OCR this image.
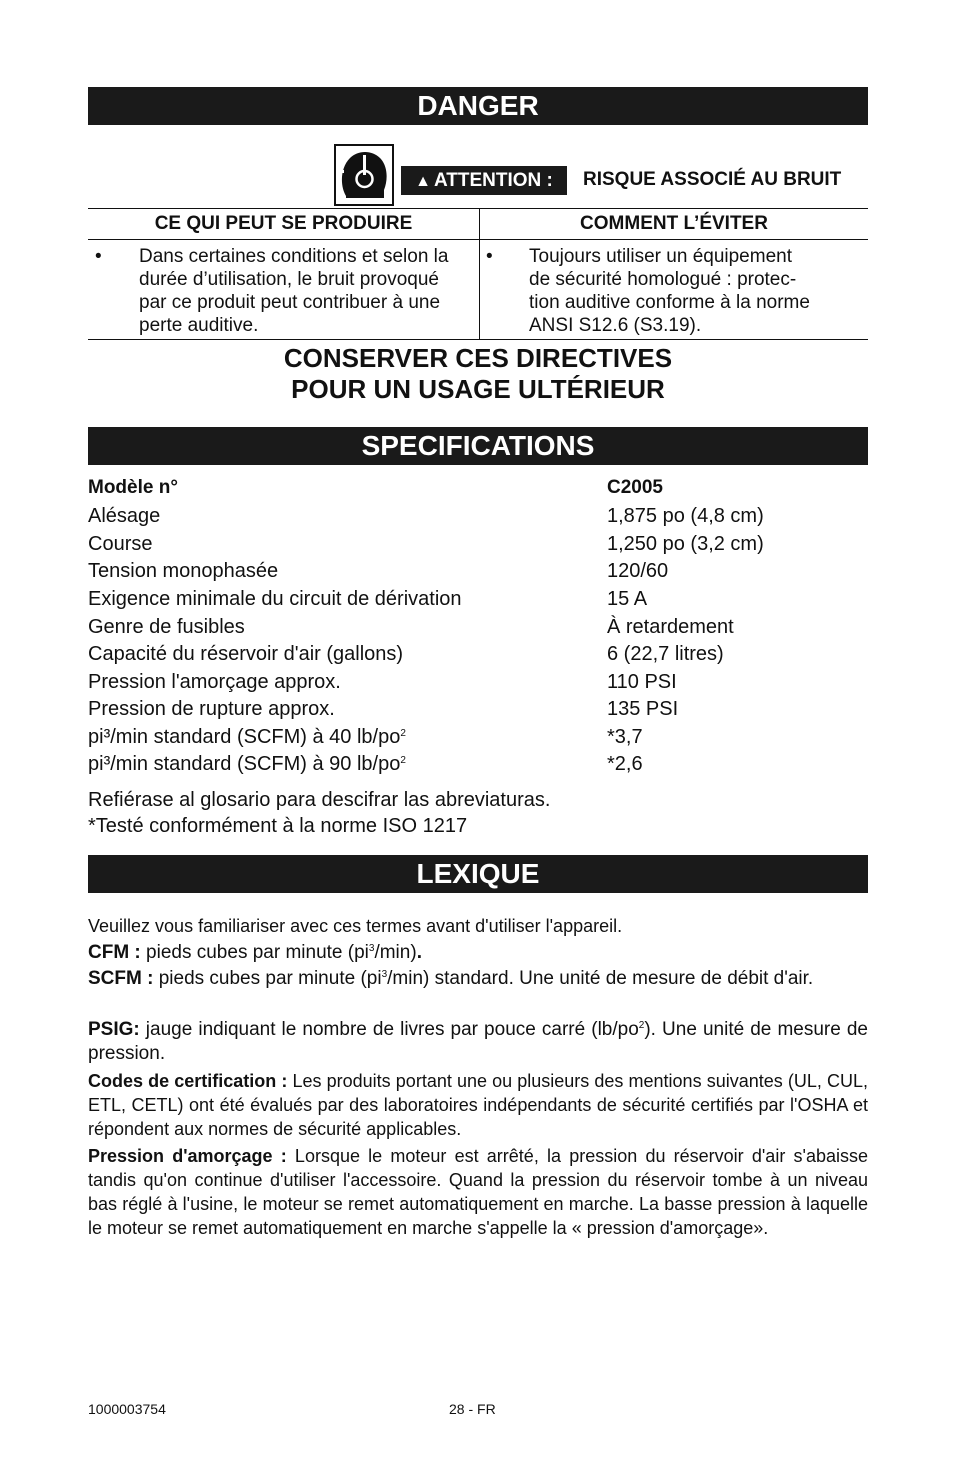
DANGER
▲ ATTENTION :	RISQUE ASSOCIÉ AU BRUIT
CE QUI PEUT SE PRODUIRE	COMMENT L’ÉVITER
• Dans certaines conditions et selon la
durée d’utilisation, le bruit provoqué
par ce produit peut contribuer à une
perte auditive.
• Toujours utiliser un équipement
de sécurité homologué : protec-
tion auditive conforme à la norme
ANSI S12.6 (S3.19).
CONSERVER CES DIRECTIVES
POUR UN USAGE ULTÉRIEUR
SPECIFICATIONS
Modèle n°	C2005
Alésage	1,875 po (4,8 cm)
Course	1,250 po (3,2 cm)
Tension monophasée	120/60
Exigence minimale du circuit de dérivation	15 A
Genre de fusibles	À retardement
Capacité du réservoir d'air (gallons)	6 (22,7 litres)
Pression l'amorçage approx.	110 PSI
Pression de rupture approx.	135 PSI
pi³/min standard (SCFM) à 40 $lb/po^2$	*3,7
pi³/min standard (SCFM) à 90 $lb/po^2$	*2,6
Refiérase al glosario para descifrar las abreviaturas.
*Testé conformément à la norme ISO 1217
LEXIQUE
Veuillez vous familiariser avec ces termes avant d'utiliser l'appareil.
CFM : pieds cubes par minute $(pi^3/\min)$.
SCFM : pieds cubes par minute $(pi^3/\min)$ standard. Une unité de mesure de débit d'air.
PSIG: jauge indiquant le nombre de livres par pouce carré $(lb/po^2)$. Une unité de mesure de pression.
Codes de certification : Les produits portant une ou plusieurs des mentions suivantes (UL, CUL, ETL, CETL) ont été évalués par des laboratoires indépendants de sécurité certifiés par l'OSHA et répondent aux normes de sécurité applicables.
Pression d'amorçage : Lorsque le moteur est arrêté, la pression du réservoir d'air s'abaisse tandis qu'on continue d'utiliser l'accessoire. Quand la pression du réservoir tombe à un niveau bas réglé à l'usine, le moteur se remet automatiquement en marche. La basse pression à laquelle le moteur se remet automatiquement en marche s'appelle la « pression d'amorçage».
1000003754	28 - FR
